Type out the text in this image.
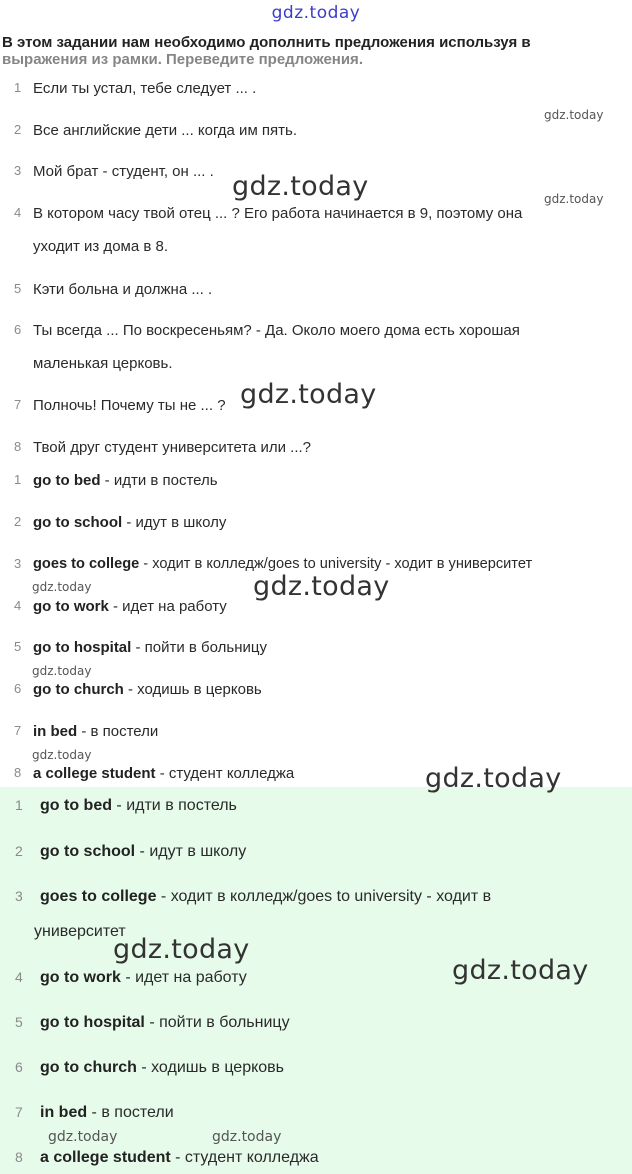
gdz.today
В этом задании нам необходимо дополнить предложения используя в
выражения из рамки. Переведите предложения.
1 Если ты устал, тебе следует ... .
2 Все английские дети ... когда им пять.
3 Мой брат - студент, он ... .
4 В котором часу твой отец ... ? Его работа начинается в 9, поэтому она
уходит из дома в 8.
5 Кэти больна и должна ... .
6 Ты всегда ... По воскресеньям? - Да. Около моего дома есть хорошая
маленькая церковь.
7 Полночь! Почему ты не ... ?
8 Твой друг студент университета или ...?
1 go to bed - идти в постель
2 go to school - идут в школу
3 goes to college - ходит в колледж/goes to university - ходит в университет
4 go to work - идет на работу
5 go to hospital - пойти в больницу
6 go to church - ходишь в церковь
7 in bed - в постели
8 a college student - студент колледжа
1 go to bed - идти в постель
2 go to school - идут в школу
3 goes to college - ходит в колледж/goes to university - ходит в
университет
4 go to work - идет на работу
5 go to hospital - пойти в больницу
6 go to church - ходишь в церковь
7 in bed - в постели
8 a college student - студент колледжа
gdz.today
gdz.today	gdz.today
gdz.today
gdz.today	gdz.today
gdz.today
gdz.today
gdz.today
gdz.today
gdz.today
gdz.today	gdz.today
